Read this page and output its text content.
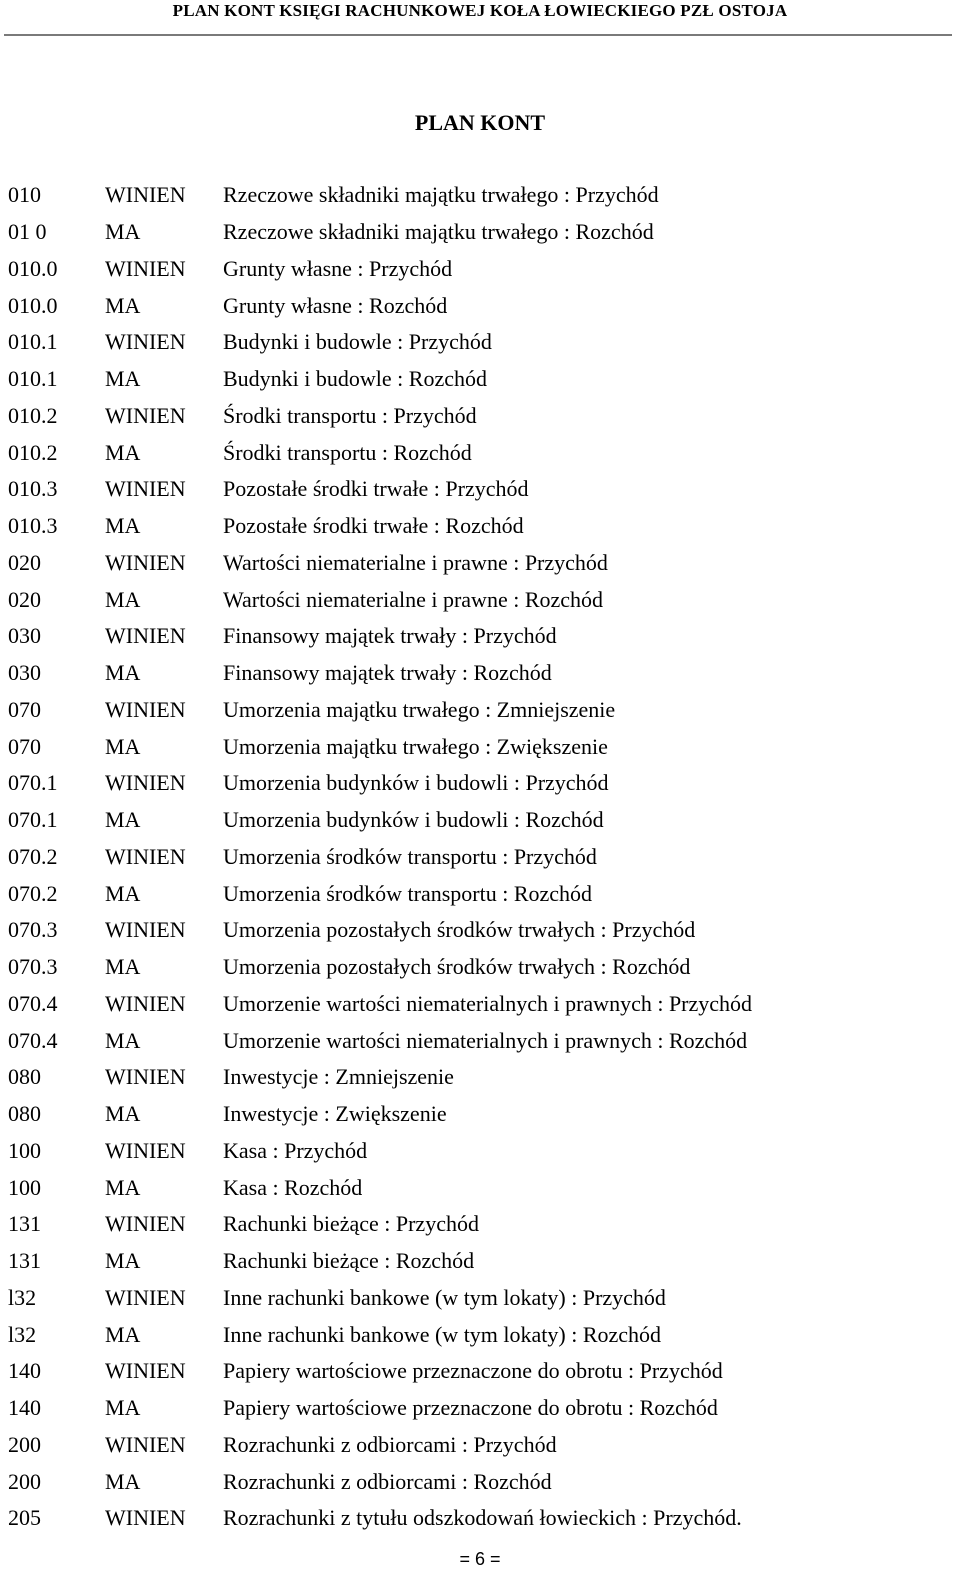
PLAN KONT KSIĘGI RACHUNKOWEJ KOŁA ŁOWIECKIEGO PZŁ OSTOJA
PLAN KONT
010	WINIEN	Rzeczowe składniki majątku trwałego : Przychód
01 0	MA	Rzeczowe składniki majątku trwałego : Rozchód
010.0	WINIEN	Grunty własne : Przychód
010.0	MA	Grunty własne : Rozchód
010.1	WINIEN	Budynki i budowle : Przychód
010.1	MA	Budynki i budowle : Rozchód
010.2	WINIEN	Środki transportu : Przychód
010.2	MA	Środki transportu : Rozchód
010.3	WINIEN	Pozostałe środki trwałe : Przychód
010.3	MA	Pozostałe środki trwałe : Rozchód
020	WINIEN	Wartości niematerialne i prawne : Przychód
020	MA	Wartości niematerialne i prawne : Rozchód
030	WINIEN	Finansowy majątek trwały : Przychód
030	MA	Finansowy majątek trwały : Rozchód
070	WINIEN	Umorzenia majątku trwałego : Zmniejszenie
070	MA	Umorzenia majątku trwałego : Zwiększenie
070.1	WINIEN	Umorzenia budynków i budowli : Przychód
070.1	MA	Umorzenia budynków i budowli : Rozchód
070.2	WINIEN	Umorzenia środków transportu : Przychód
070.2	MA	Umorzenia środków transportu : Rozchód
070.3	WINIEN	Umorzenia pozostałych środków trwałych : Przychód
070.3	MA	Umorzenia pozostałych środków trwałych : Rozchód
070.4	WINIEN	Umorzenie wartości niematerialnych i prawnych : Przychód
070.4	MA	Umorzenie wartości niematerialnych i prawnych : Rozchód
080	WINIEN	Inwestycje : Zmniejszenie
080	MA	Inwestycje : Zwiększenie
100	WINIEN	Kasa : Przychód
100	MA	Kasa : Rozchód
131	WINIEN	Rachunki bieżące : Przychód
131	MA	Rachunki bieżące : Rozchód
l32	WINIEN	Inne rachunki bankowe (w tym lokaty) : Przychód
l32	MA	Inne rachunki bankowe (w tym lokaty) : Rozchód
140	WINIEN	Papiery wartościowe przeznaczone do obrotu : Przychód
140	MA	Papiery wartościowe przeznaczone do obrotu : Rozchód
200	WINIEN	Rozrachunki z odbiorcami : Przychód
200	MA	Rozrachunki z odbiorcami : Rozchód
205	WINIEN	Rozrachunki z tytułu odszkodowań łowieckich : Przychód.
= 6 =
